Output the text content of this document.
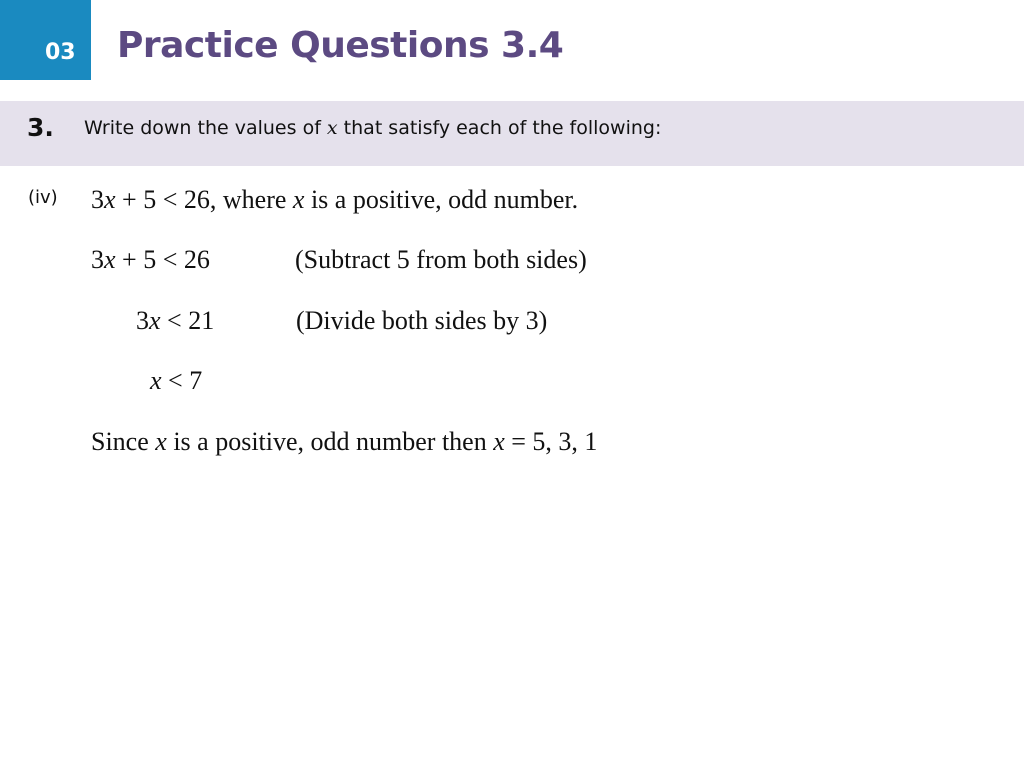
03 Practice Questions 3.4
3. Write down the values of x that satisfy each of the following:
(iv) 3x + 5 < 26, where x is a positive, odd number.
3x + 5 < 26	(Subtract 5 from both sides)
3x < 21	(Divide both sides by 3)
x < 7
Since x is a positive, odd number then x = 5, 3, 1
